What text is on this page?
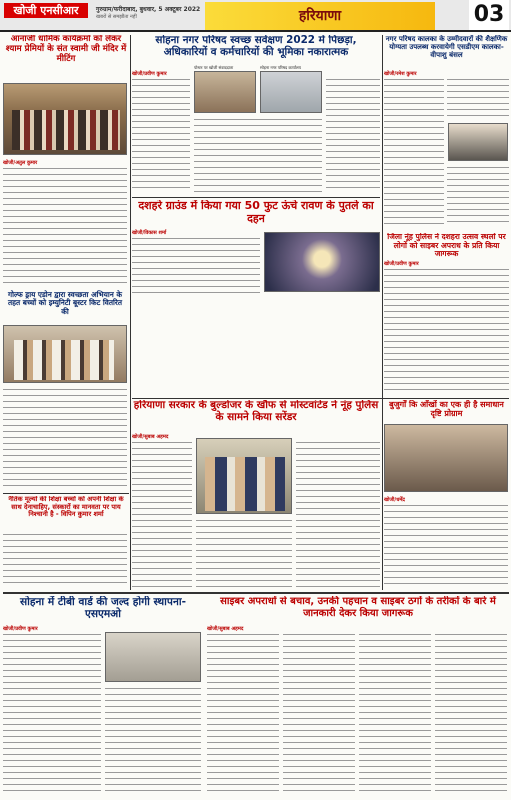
खोजी एनसीआर	गुरुग्राम/फरीदाबाद, बुधवार, 5 अक्टूबर 2022
खबरों से समझौता नहीं	हरियाणा	03
आनाजी धार्मिक कार्यक्रमों को लेकर श्याम प्रेमियों के संत स्वामी जी मंदिर में मीटिंग
खोजी/अतुल कुमार
गोल्फ ड्राय एडोन द्वारा स्वच्छता अभियान के तहत बच्चों को इम्युनिटी बूस्टर किट वितरित की
सोहना नगर परिषद स्वच्छ सर्वेक्षण 2022 में पिछड़ा, अधिकारियों व कर्मचारियों की भूमिका नकारात्मक
खोजी/प्रवीण कुमार
पोस्टर पर खोजी संवाददाता	सोहना नगर परिषद कार्यालय
नगर परिषद कालका के उम्मीदवारों की शैक्षणिक योग्यता उपलब्ध करवायेगी एसडीएम कालका-वीपाशु बंसल
खोजी/रमेश कुमार
दशहरे ग्राउंड में किया गया 50 फुट ऊंचे रावण के पुतले का दहन
खोजी/विकास शर्मा	जिला नूंह पुलिस ने दशहरा उत्सव स्थलों पर लोगों को साइबर अपराध के प्रति किया जागरूक
खोजी/प्रवीण कुमार
हरियाणा सरकार के बुल्डोजर के खौफ से मोस्टवांटेड ने नूंह पुलिस के सामने किया सरेंडर
खोजी/सुबाब अहमद
बुजुर्गों कि आँखों का एक ही है समाधान दृष्टि प्रोग्राम
खोजी/धर्मेंद्र
नैतिक मूल्यों की शिक्षा बच्चों को अपनी शिक्षा के साथ देनाचाहिए, संस्कारों का मानवता पर पाय निश्चानी है - विपिन कुमार शर्मा
सोहना में टीबी वार्ड की जल्द होगी स्थापना-एसएमओ
खोजी/प्रवीण कुमार
साइबर अपराधों से बचाव, उनकी पहचान व साइबर ठगों के तरीकों के बारे में जानकारी देकर किया जागरूक
खोजी/सुबाब अहमद
